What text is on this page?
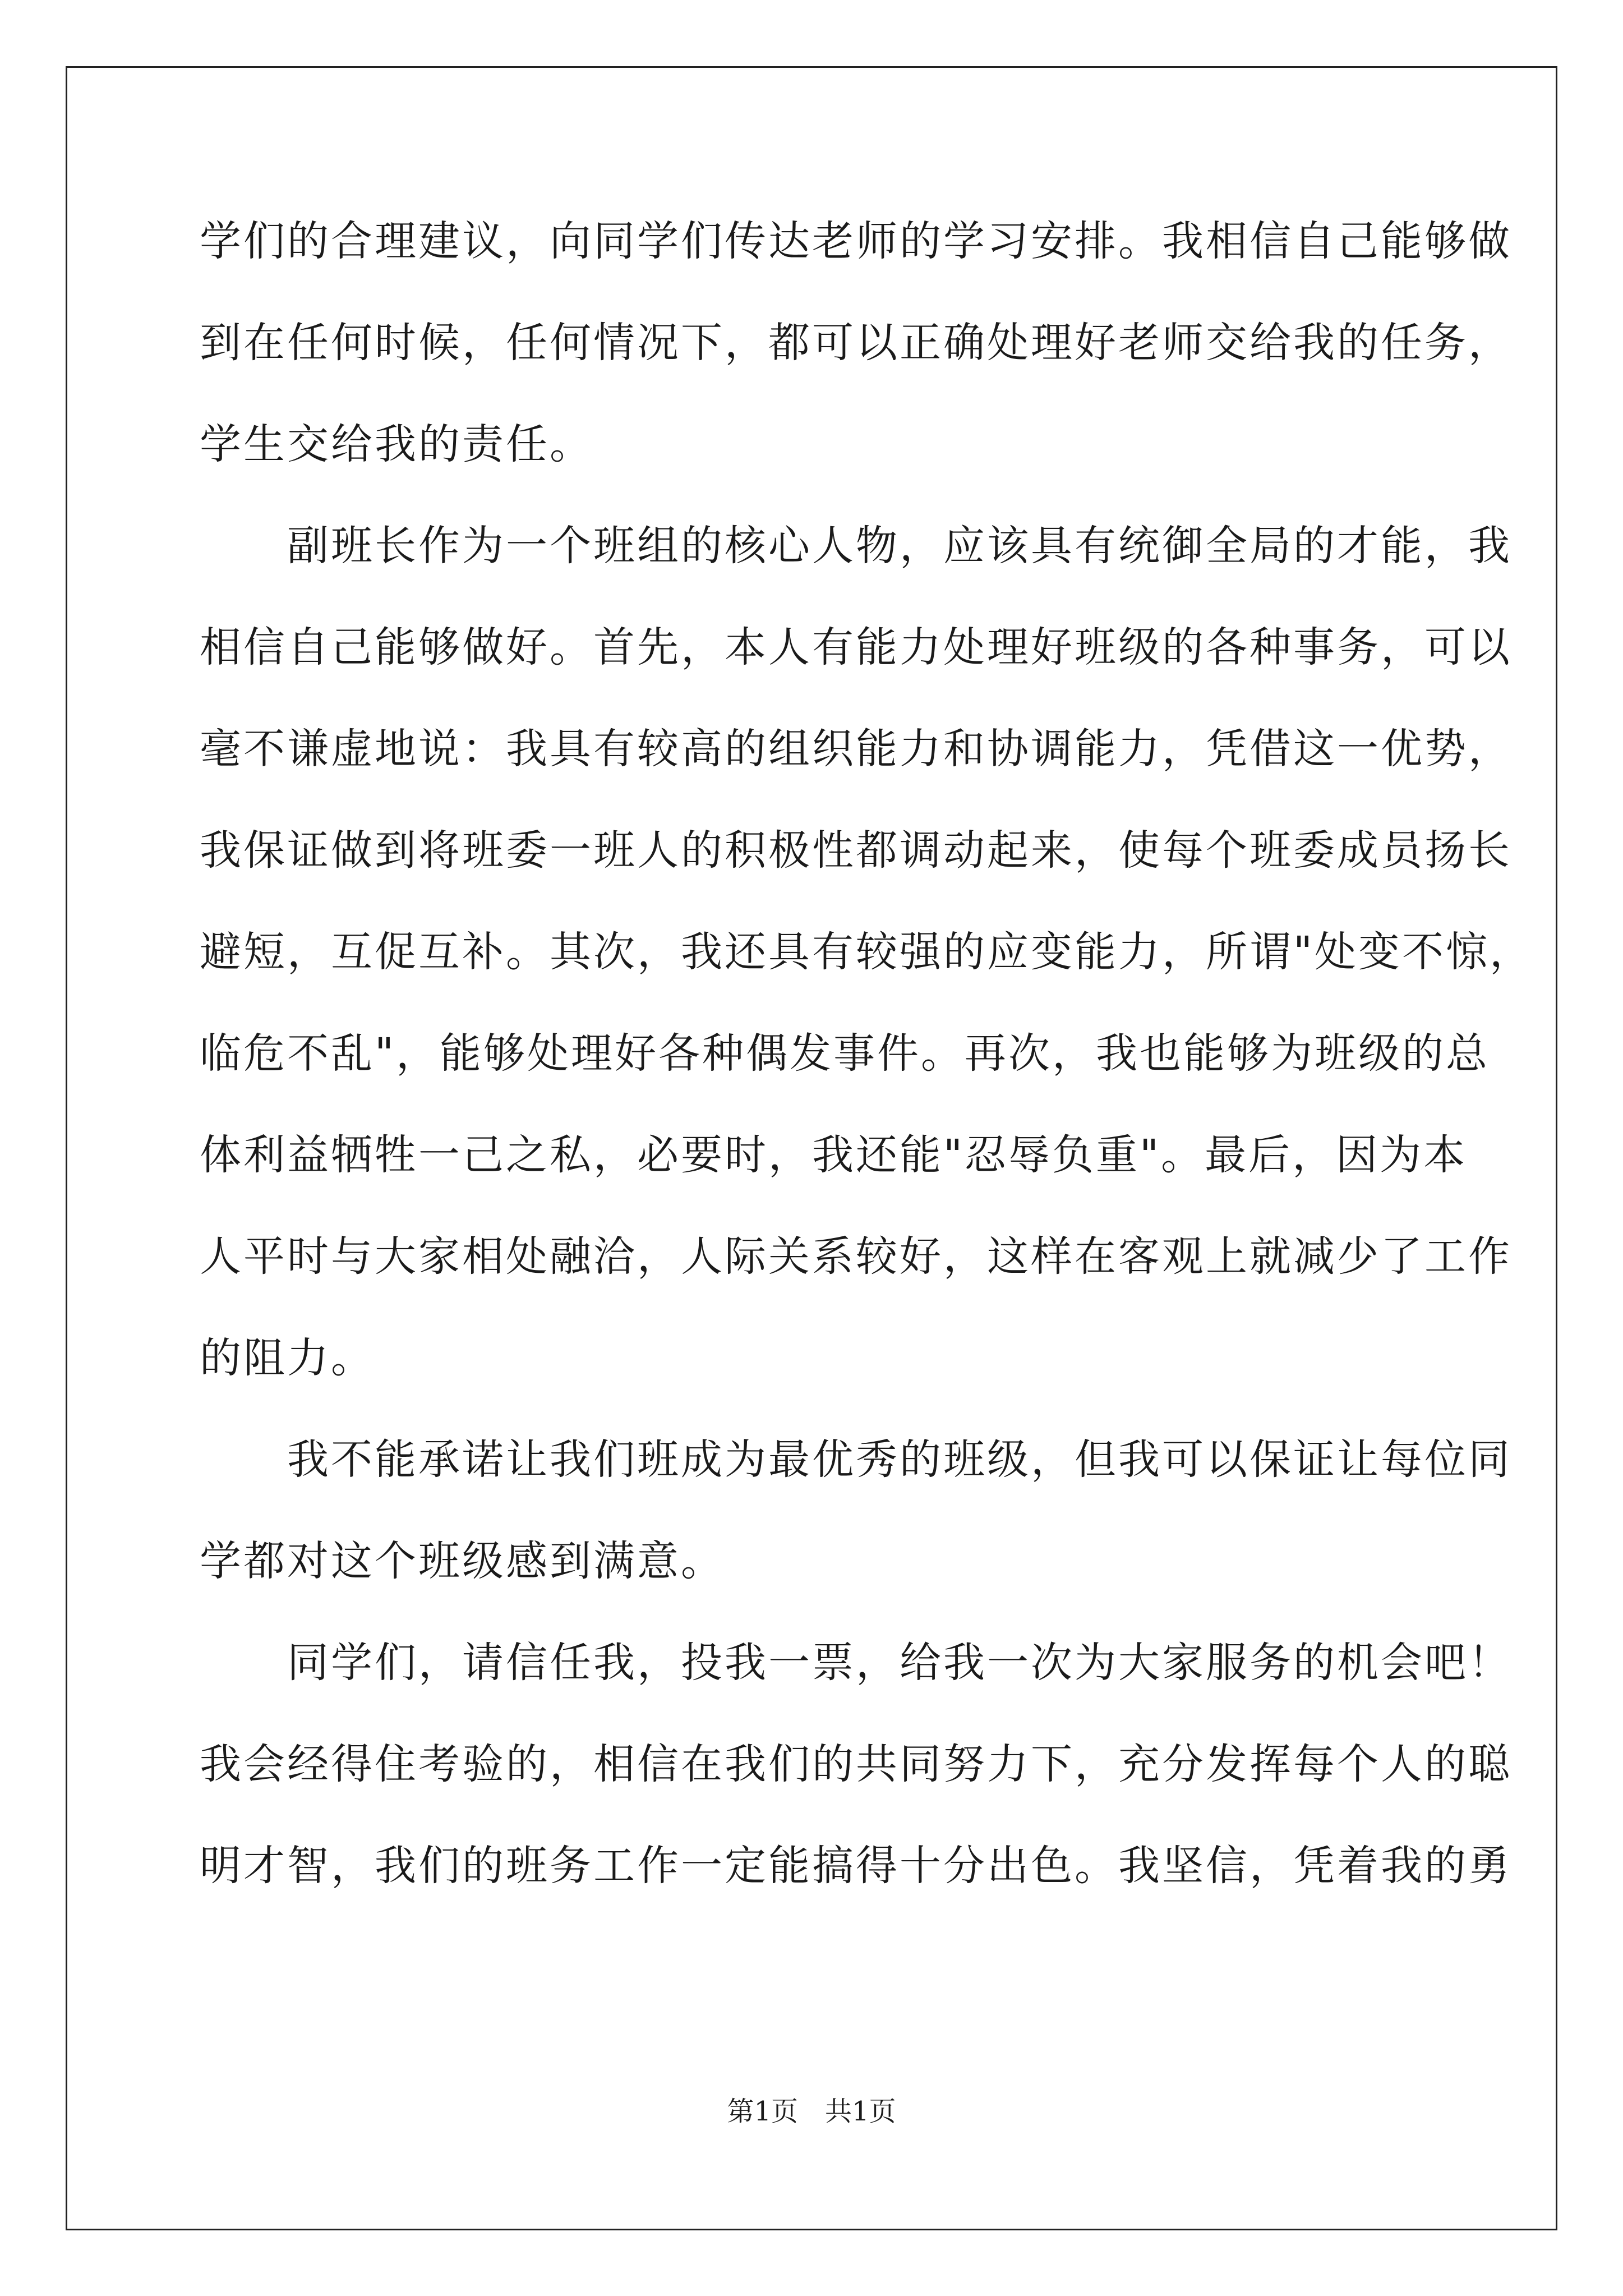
学们的合理建议，向同学们传达老师的学习安排。我相信自己能够做
到在任何时候，任何情况下，都可以正确处理好老师交给我的任务，
学生交给我的责任。
　　副班长作为一个班组的核心人物，应该具有统御全局的才能，我
相信自己能够做好。首先，本人有能力处理好班级的各种事务，可以
毫不谦虚地说：我具有较高的组织能力和协调能力，凭借这一优势，
我保证做到将班委一班人的积极性都调动起来，使每个班委成员扬长
避短，互促互补。其次，我还具有较强的应变能力，所谓"处变不惊，
临危不乱"，能够处理好各种偶发事件。再次，我也能够为班级的总
体利益牺牲一己之私，必要时，我还能"忍辱负重"。最后，因为本
人平时与大家相处融洽，人际关系较好，这样在客观上就减少了工作
的阻力。
　　我不能承诺让我们班成为最优秀的班级，但我可以保证让每位同
学都对这个班级感到满意。
　　同学们，请信任我，投我一票，给我一次为大家服务的机会吧！
我会经得住考验的，相信在我们的共同努力下，充分发挥每个人的聪
明才智，我们的班务工作一定能搞得十分出色。我坚信，凭着我的勇
第1页　共1页
